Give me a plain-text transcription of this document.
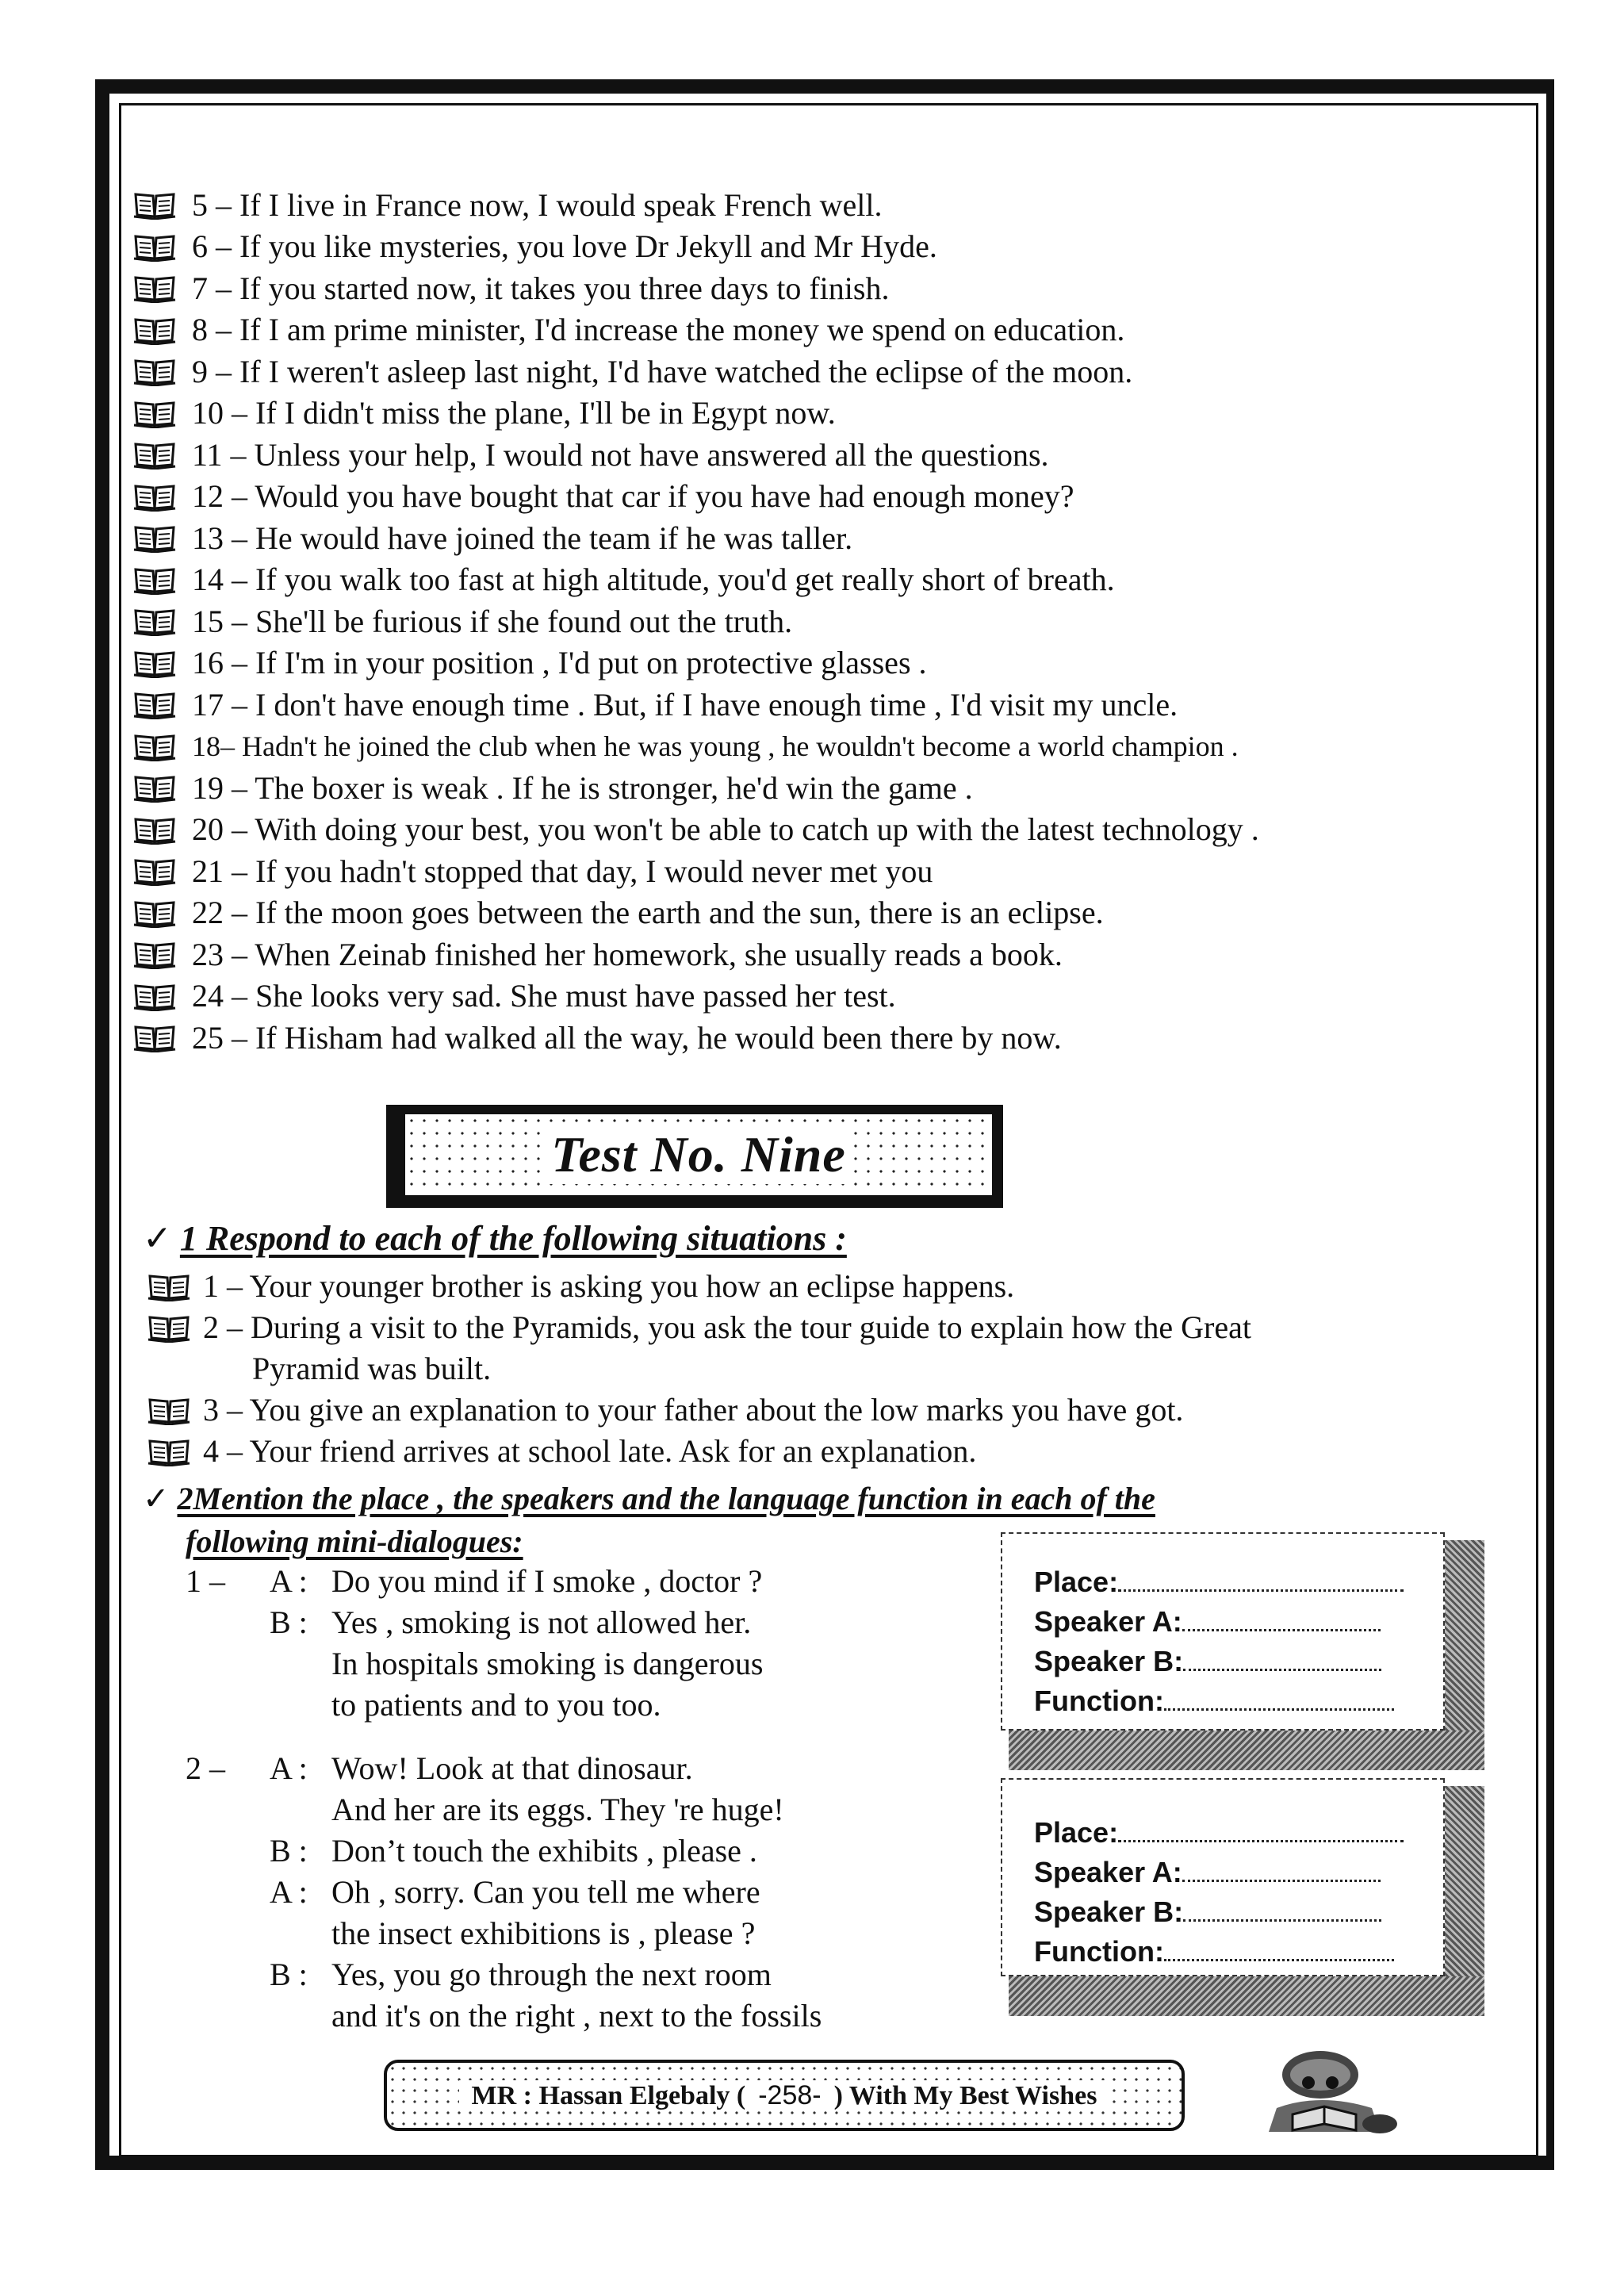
5 – If I live in France now, I would speak French well.
6 – If you like mysteries, you love Dr Jekyll and Mr Hyde.
7 – If you started now, it takes you three days to finish.
8 – If I am prime minister, I'd increase the money we spend on education.
9 – If I weren't asleep last night, I'd have watched the eclipse of the moon.
10 – If I didn't miss the plane, I'll be in Egypt now.
11 – Unless your help, I would not have answered all the questions.
12 – Would you have bought that car if you have had enough money?
13 – He would have joined the team if he was taller.
14 – If you walk too fast at high altitude, you'd get really short of breath.
15 – She'll be furious if she found out the truth.
16 – If I'm in your position , I'd put on protective glasses .
17 – I don't have enough time . But, if I have enough time , I'd visit my uncle.
18– Hadn't he joined the club when he was young , he wouldn't become a world champion .
19 – The boxer is weak . If he is stronger, he'd win the game .
20 – With doing your best, you won't be able to catch up with the latest technology .
21 – If you hadn't stopped that day, I would never met you
22 – If the moon goes between the earth and the sun, there is an eclipse.
23 – When Zeinab finished her homework, she usually reads a book.
24 – She looks very sad. She must have passed her test.
25 – If Hisham had walked all the way, he would been there by now.
Test No. Nine
✓ 1 Respond to each of the following situations :
1 – Your younger brother is asking you how an eclipse happens.
2 – During a visit to the Pyramids, you ask the tour guide to explain how the Great
Pyramid was built.
3 – You give an explanation to your father about the low marks you have got.
4 – Your friend arrives at school late. Ask for an explanation.
✓ 2Mention the place , the speakers and the language function in each of the
following mini-dialogues:
1 – A : Do you mind if I smoke , doctor ?
B : Yes , smoking is not allowed her.
In hospitals smoking is dangerous
to patients and to you too.
2 – A : Wow! Look at that dinosaur.
And her are its eggs. They 're huge!
B : Don’t touch the exhibits , please .
A : Oh , sorry. Can you tell me where
the insect exhibitions is , please ?
B : Yes, you go through the next room
and it's on the right , next to the fossils
Place:
Speaker A:
Speaker B:
Function:
Place:
Speaker A:
Speaker B:
Function:
MR : Hassan Elgebaly ( -258- ) With My Best Wishes
